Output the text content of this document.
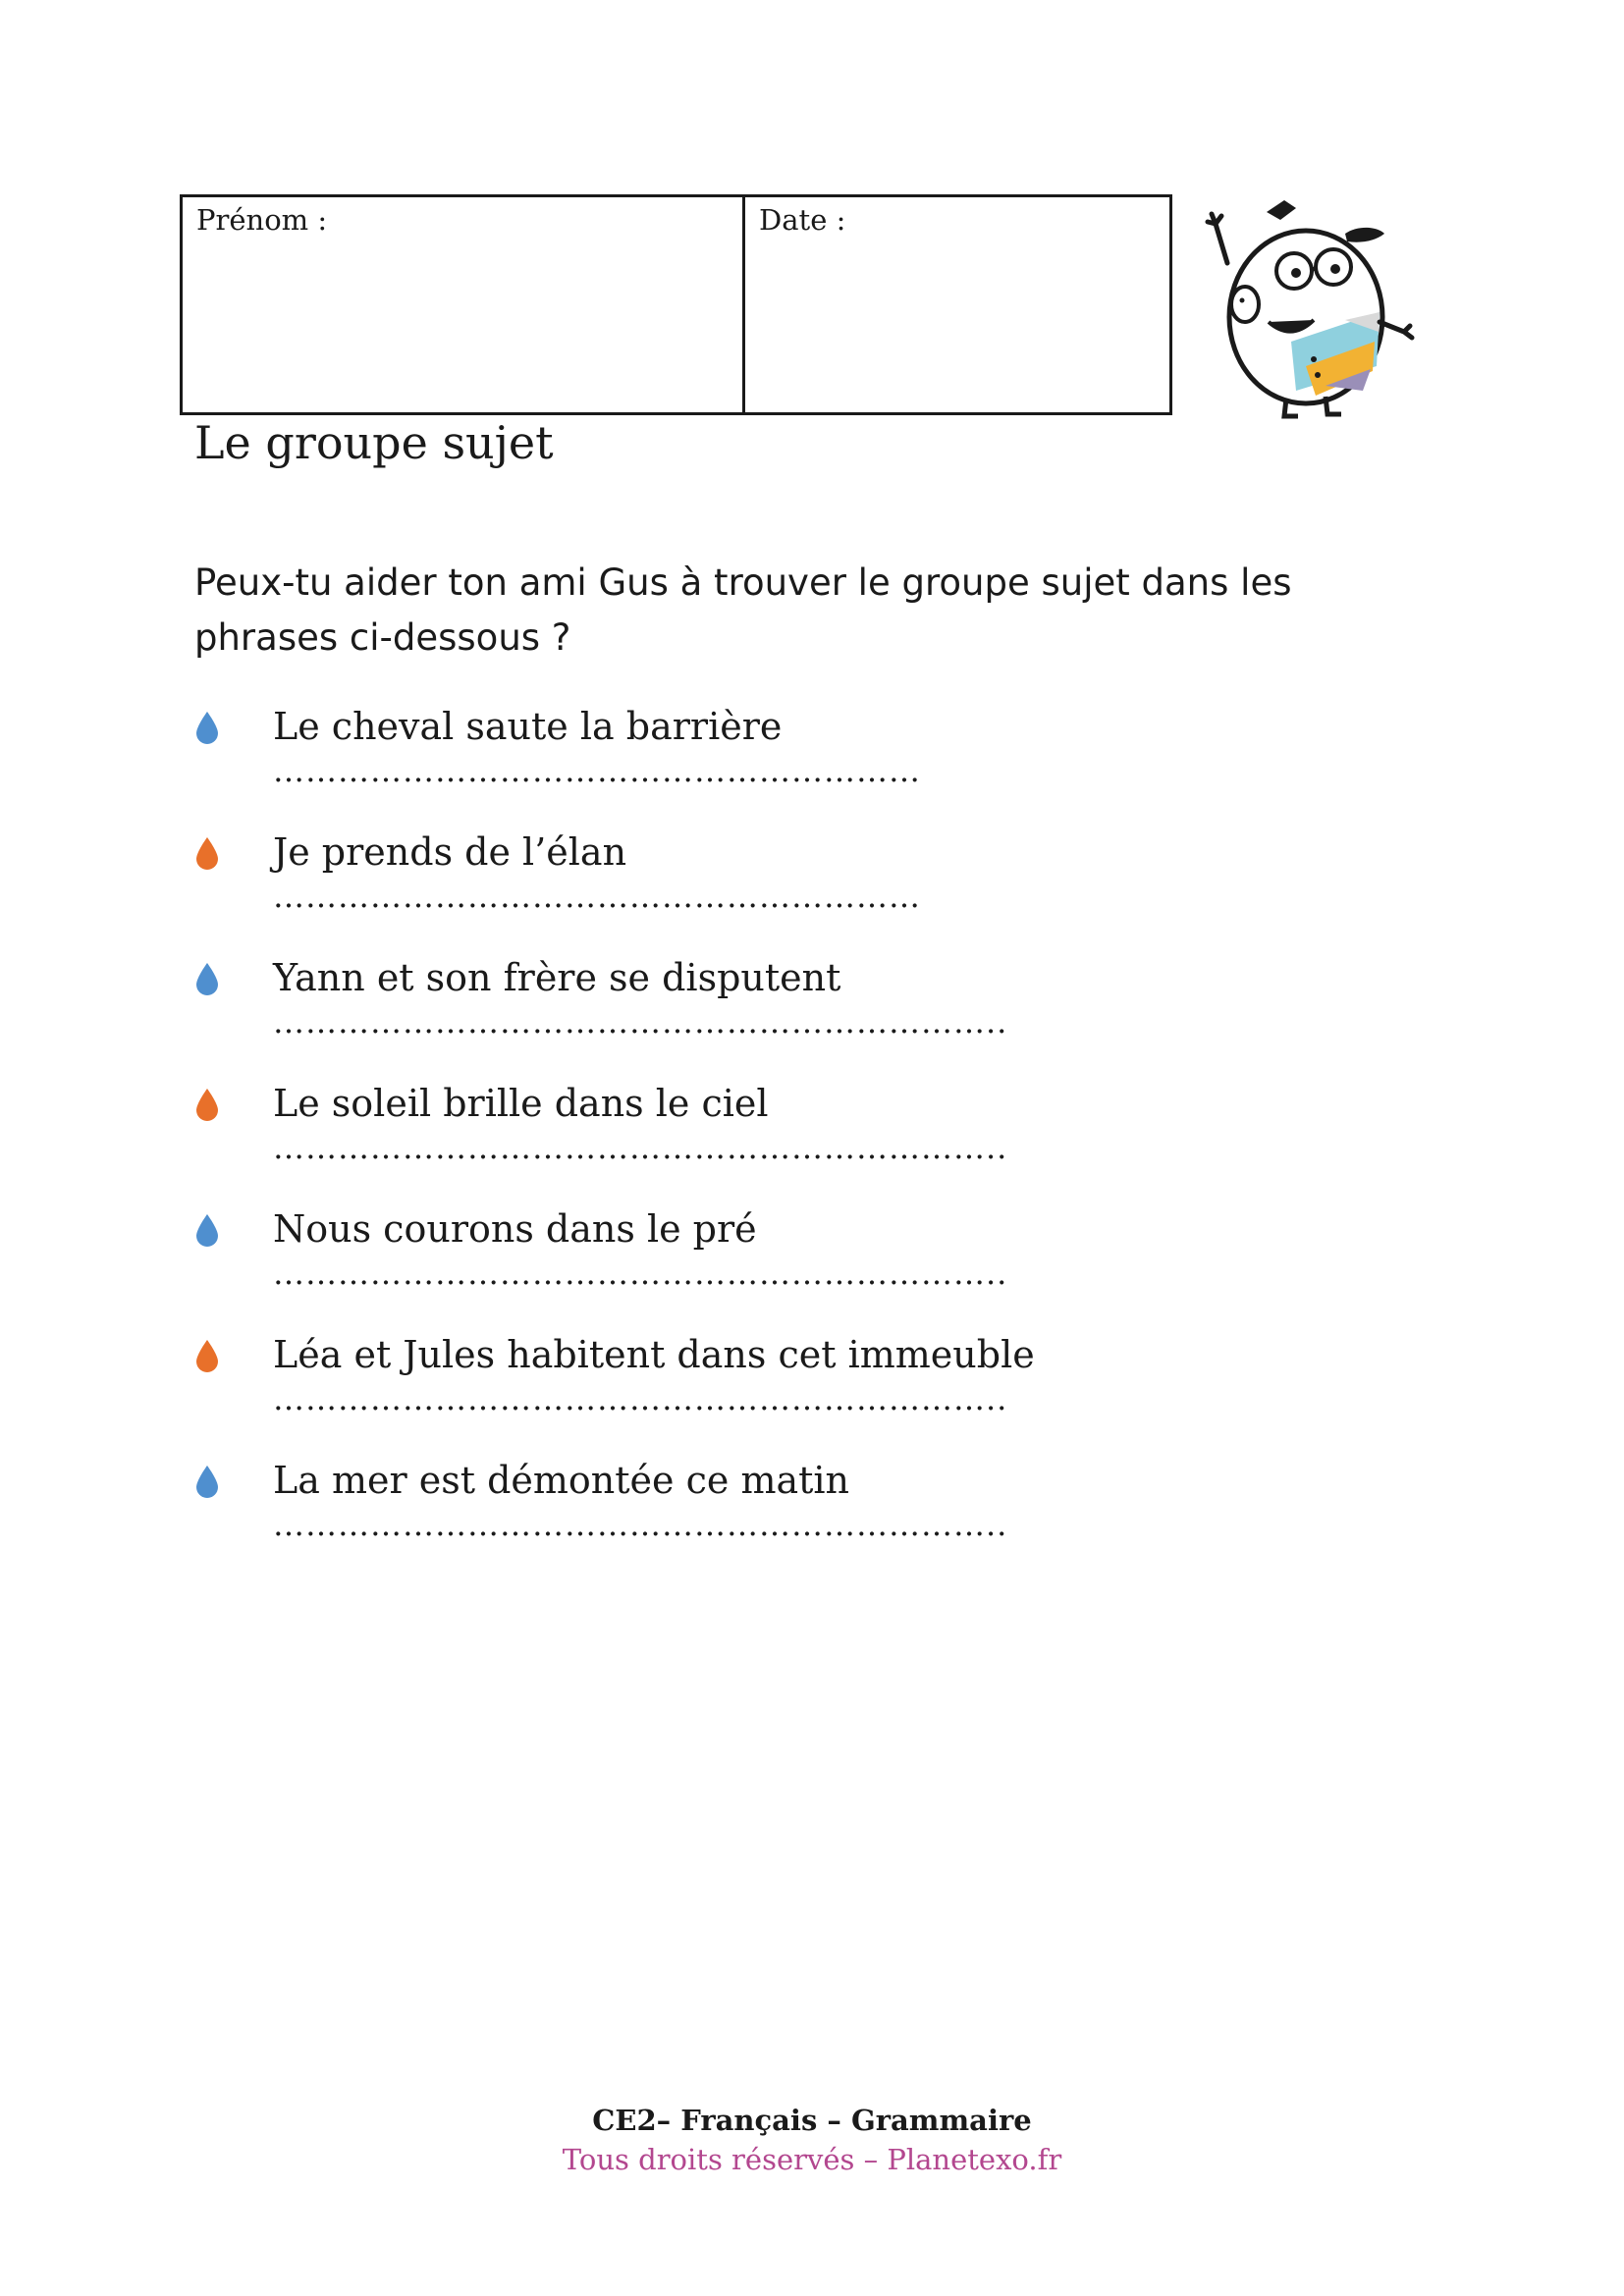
Prénom :	Date :
Le groupe sujet
Peux-tu aider ton ami Gus à trouver le groupe sujet dans les phrases ci-dessous ?
Le cheval saute la barrière
……………………………………………………
Je prends de l’élan
……………………………………………………
Yann et son frère se disputent
…………………………………………………………..
Le soleil brille dans le ciel
…………………………………………………………..
Nous courons dans le pré
…………………………………………………………..
Léa et Jules habitent dans cet immeuble
…………………………………………………………..
La mer est démontée ce matin
…………………………………………………………..
CE2– Français – Grammaire
Tous droits réservés – Planetexo.fr
